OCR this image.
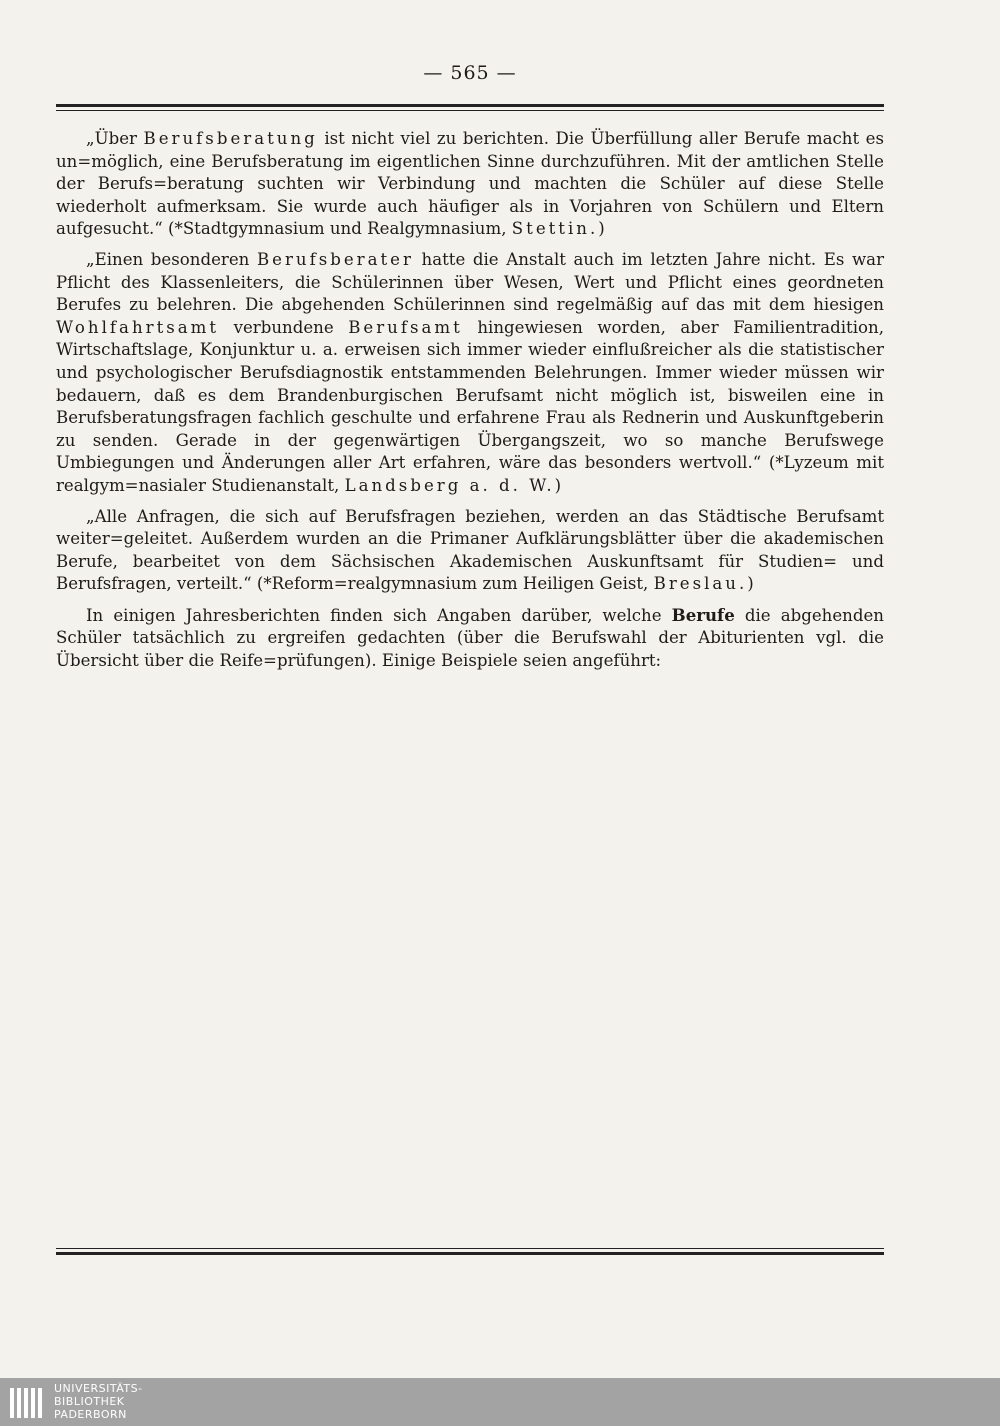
— 565 —

„Über Berufsberatung ist nicht viel zu berichten. Die Überfüllung aller Berufe macht es un=möglich, eine Berufsberatung im eigentlichen Sinne durchzuführen. Mit der amtlichen Stelle der Berufs=beratung suchten wir Verbindung und machten die Schüler auf diese Stelle wiederholt aufmerksam. Sie wurde auch häufiger als in Vorjahren von Schülern und Eltern aufgesucht.“ (*Stadtgymnasium und Realgymnasium, Stettin.)

„Einen besonderen Berufsberater hatte die Anstalt auch im letzten Jahre nicht. Es war Pflicht des Klassenleiters, die Schülerinnen über Wesen, Wert und Pflicht eines geordneten Berufes zu belehren. Die abgehenden Schülerinnen sind regelmäßig auf das mit dem hiesigen Wohlfahrtsamt verbundene Berufsamt hingewiesen worden, aber Familientradition, Wirtschaftslage, Konjunktur u. a. erweisen sich immer wieder einflußreicher als die statistischer und psychologischer Berufsdiagnostik entstammenden Belehrungen. Immer wieder müssen wir bedauern, daß es dem Brandenburgischen Berufsamt nicht möglich ist, bisweilen eine in Berufsberatungsfragen fachlich geschulte und erfahrene Frau als Rednerin und Auskunftgeberin zu senden. Gerade in der gegenwärtigen Übergangszeit, wo so manche Berufswege Umbiegungen und Änderungen aller Art erfahren, wäre das besonders wertvoll.“ (*Lyzeum mit realgym=nasialer Studienanstalt, Landsberg a. d. W.)

„Alle Anfragen, die sich auf Berufsfragen beziehen, werden an das Städtische Berufsamt weiter=geleitet. Außerdem wurden an die Primaner Aufklärungsblätter über die akademischen Berufe, bearbeitet von dem Sächsischen Akademischen Auskunftsamt für Studien= und Berufsfragen, verteilt.“ (*Reform=realgymnasium zum Heiligen Geist, Breslau.)

In einigen Jahresberichten finden sich Angaben darüber, welche Berufe die abgehenden Schüler tatsächlich zu ergreifen gedachten (über die Berufswahl der Abiturienten vgl. die Übersicht über die Reife=prüfungen). Einige Beispiele seien angeführt:

UNIVERSITÄTS-
BIBLIOTHEK
PADERBORN
